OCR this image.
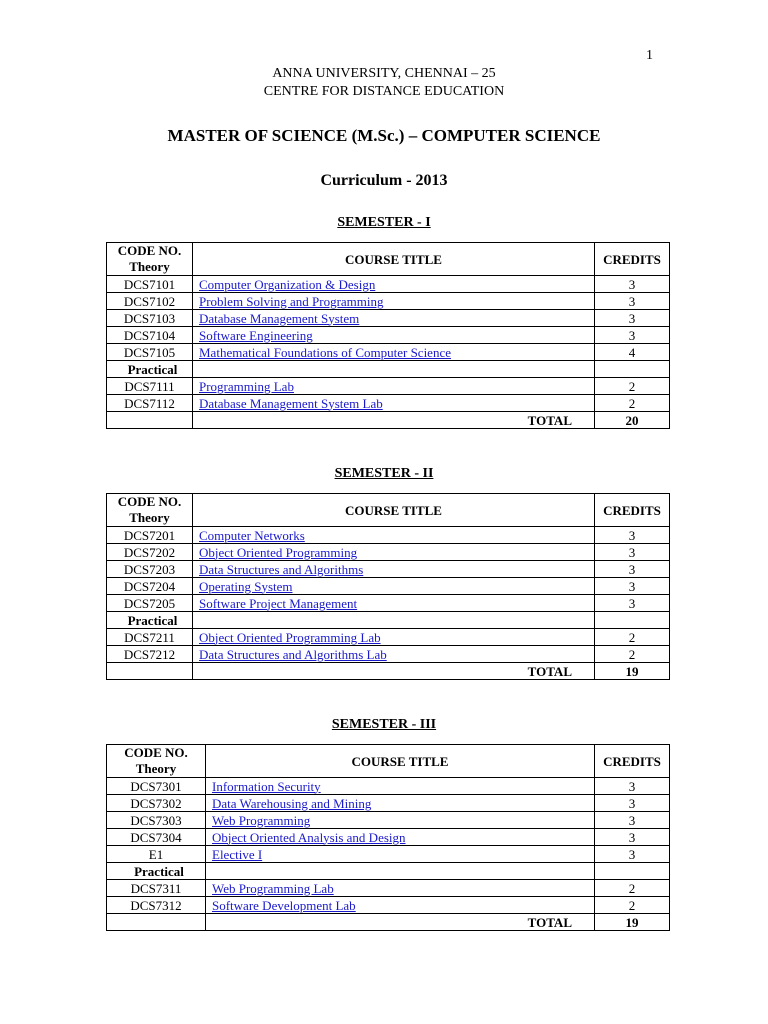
1
ANNA UNIVERSITY, CHENNAI – 25
CENTRE FOR DISTANCE EDUCATION
MASTER OF SCIENCE (M.Sc.) – COMPUTER SCIENCE
Curriculum - 2013
SEMESTER - I
SEMESTER - II
SEMESTER - III
CODE NO.
Theory	COURSE TITLE	CREDITS
DCS7101	Computer Organization & Design	3
DCS7102	Problem Solving and Programming	3
DCS7103	Database Management System	3
DCS7104	Software Engineering	3
DCS7105	Mathematical Foundations of Computer Science	4
Practical		
DCS7111	Programming Lab	2
DCS7112	Database Management System Lab	2
	TOTAL	20
CODE NO.
Theory	COURSE TITLE	CREDITS
DCS7201	Computer Networks	3
DCS7202	Object Oriented Programming	3
DCS7203	Data Structures and Algorithms	3
DCS7204	Operating System	3
DCS7205	Software Project Management	3
Practical		
DCS7211	Object Oriented Programming Lab	2
DCS7212	Data Structures and Algorithms Lab	2
	TOTAL	19
CODE NO.
Theory	COURSE TITLE	CREDITS
DCS7301	Information Security	3
DCS7302	Data Warehousing and Mining	3
DCS7303	Web Programming	3
DCS7304	Object Oriented Analysis and Design	3
E1	Elective I	3
Practical		
DCS7311	Web Programming Lab	2
DCS7312	Software Development Lab	2
	TOTAL	19
